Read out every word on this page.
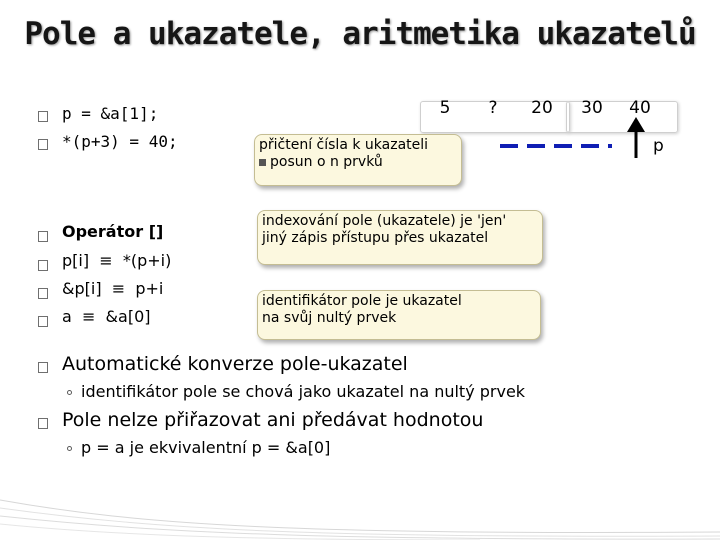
Pole a ukazatele, aritmetika ukazatelů
p = &a[1];
*(p+3) = 40;
5	?	20	30	40
p
přičtení čísla k ukazateli
posun o n prvků
indexování pole (ukazatele) je 'jen'
jiný zápis přístupu přes ukazatel
identifikátor pole je ukazatel
na svůj nultý prvek
Operátor []
p[i]  ≡  *(p+i)
&p[i]  ≡  p+i
a  ≡  &a[0]
Automatické konverze pole-ukazatel
identifikátor pole se chová jako ukazatel na nultý prvek
Pole nelze přiřazovat ani předávat hodnotou
p = a je ekvivalentní p = &a[0]
